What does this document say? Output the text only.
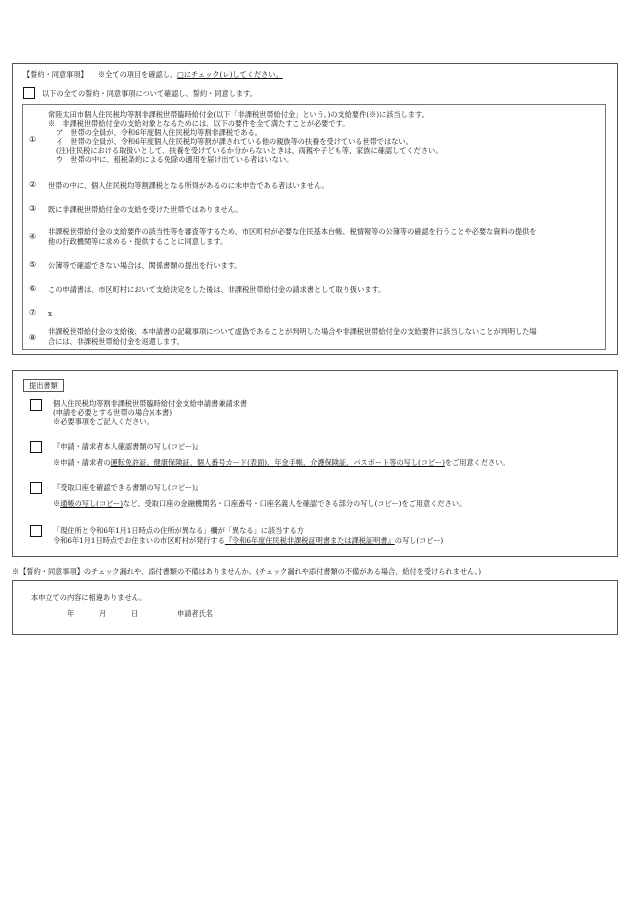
【誓約・同意事項】 ※全ての項目を確認し、□にチェック(レ)してください。
以下の全ての誓約・同意事項について確認し、誓約・同意します。
①
常陸太田市個人住民税均等割非課税世帯臨時給付金(以下「非課税世帯給付金」という。)の支給要件(※)に該当します。
※　非課税世帯給付金の支給対象となるためには、以下の要件を全て満たすことが必要です。
ア　世帯の全員が、令和6年度個人住民税均等割非課税である。
イ　世帯の全員が、令和6年度個人住民税均等割が課されている他の親族等の扶養を受けている世帯ではない。
(注)住民税における取扱いとして、扶養を受けているか分からないときは、両親や子ども等、家族に確認してください。
ウ　世帯の中に、租税条約による免除の適用を届け出ている者はいない。
② 世帯の中に、個人住民税均等割課税となる所得があるのに未申告である者はいません。
③ 既に非課税世帯給付金の支給を受けた世帯ではありません。
④
非課税世帯給付金の支給要件の該当性等を審査等するため、市区町村が必要な住民基本台帳、税情報等の公簿等の確認を行うことや必要な資料の提供を
他の行政機関等に求める・提供することに同意します。
⑤ 公簿等で確認できない場合は、関係書類の提出を行います。
⑥ この申請書は、市区町村において支給決定をした後は、非課税世帯給付金の請求書として取り扱います。
⑦ x
⑧
非課税世帯給付金の支給後、本申請書の記載事項について虚偽であることが判明した場合や非課税世帯給付金の支給要件に該当しないことが判明した場
合には、非課税世帯給付金を返還します。
提出書類
個人住民税均等割非課税世帯臨時給付金支給申請書兼請求書
(申請を必要とする世帯の場合)(本書)
※必要事項をご記入ください。
『申請・請求者本人確認書類の写し(コピー)』
※申請・請求者の運転免許証、健康保険証、個人番号カード(表面)、年金手帳、介護保険証、パスポート等の写し(コピー)をご用意ください。
『受取口座を確認できる書類の写し(コピー)』
※通帳の写し(コピー)など、受取口座の金融機関名・口座番号・口座名義人を確認できる部分の写し(コピー)をご用意ください。
「現住所と令和6年1月1日時点の住所が異なる」欄が「異なる」に該当する方
令和6年1月1日時点でお住まいの市区町村が発行する『令和6年度住民税非課税証明書または課税証明書』の写し(コピー)
※【誓約・同意事項】のチェック漏れや、添付書類の不備はありませんか。(チェック漏れや添付書類の不備がある場合、給付を受けられません。)
本申立ての内容に相違ありません。
年	月	日	申請者氏名
